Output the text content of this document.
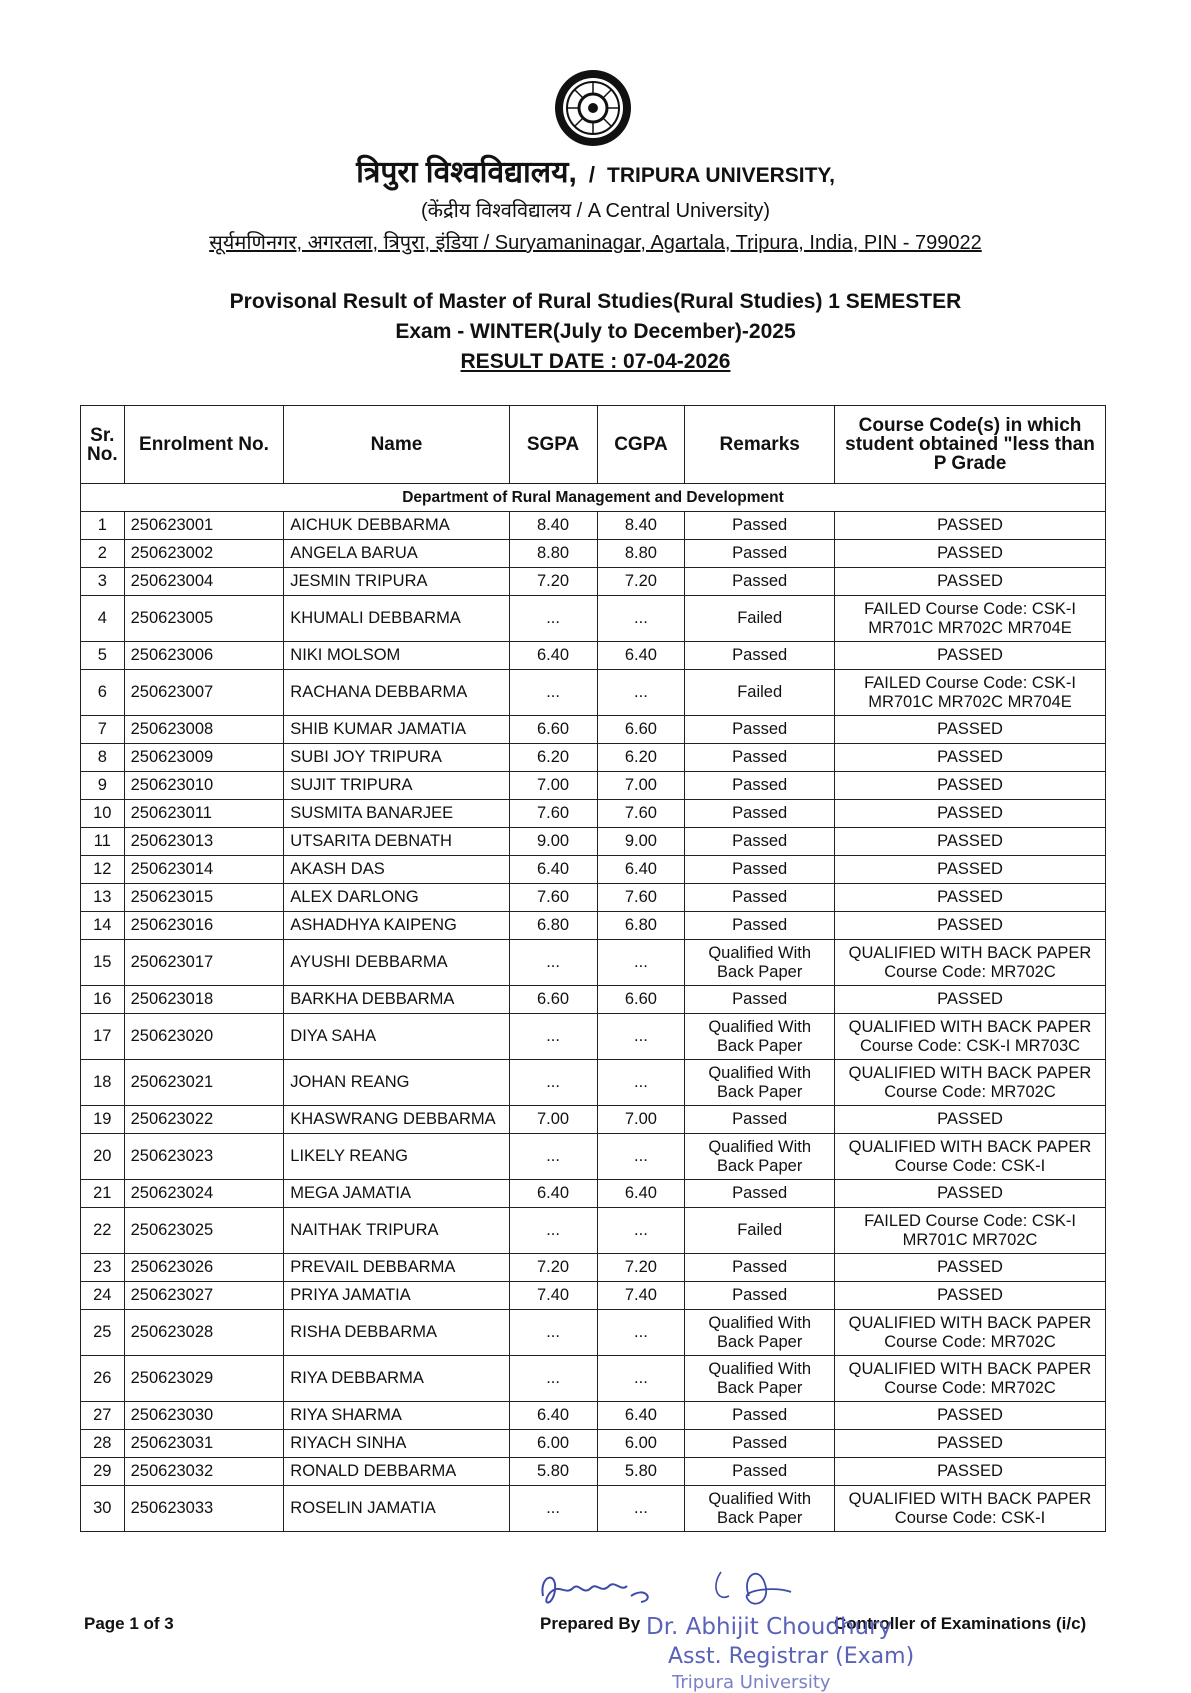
त्रिपुरा विश्वविद्यालय, / TRIPURA UNIVERSITY,
(केंद्रीय विश्वविद्यालय / A Central University)
सूर्यमणिनगर, अगरतला, त्रिपुरा, इंडिया / Suryamaninagar, Agartala, Tripura, India, PIN - 799022
Provisonal Result of Master of Rural Studies(Rural Studies) 1 SEMESTER
Exam - WINTER(July to December)-2025
RESULT DATE : 07-04-2026
Sr. No.	Enrolment No.	Name	SGPA	CGPA	Remarks	Course Code(s) in which student obtained "less than P Grade
Department of Rural Management and Development						
1	250623001	AICHUK DEBBARMA	8.40	8.40	Passed	PASSED
2	250623002	ANGELA BARUA	8.80	8.80	Passed	PASSED
3	250623004	JESMIN TRIPURA	7.20	7.20	Passed	PASSED
4	250623005	KHUMALI DEBBARMA	...	...	Failed	FAILED Course Code: CSK-I MR701C MR702C MR704E
5	250623006	NIKI MOLSOM	6.40	6.40	Passed	PASSED
6	250623007	RACHANA DEBBARMA	...	...	Failed	FAILED Course Code: CSK-I MR701C MR702C MR704E
7	250623008	SHIB KUMAR JAMATIA	6.60	6.60	Passed	PASSED
8	250623009	SUBI JOY TRIPURA	6.20	6.20	Passed	PASSED
9	250623010	SUJIT TRIPURA	7.00	7.00	Passed	PASSED
10	250623011	SUSMITA BANARJEE	7.60	7.60	Passed	PASSED
11	250623013	UTSARITA DEBNATH	9.00	9.00	Passed	PASSED
12	250623014	AKASH DAS	6.40	6.40	Passed	PASSED
13	250623015	ALEX DARLONG	7.60	7.60	Passed	PASSED
14	250623016	ASHADHYA KAIPENG	6.80	6.80	Passed	PASSED
15	250623017	AYUSHI DEBBARMA	...	...	Qualified With Back Paper	QUALIFIED WITH BACK PAPER Course Code: MR702C
16	250623018	BARKHA DEBBARMA	6.60	6.60	Passed	PASSED
17	250623020	DIYA SAHA	...	...	Qualified With Back Paper	QUALIFIED WITH BACK PAPER Course Code: CSK-I MR703C
18	250623021	JOHAN REANG	...	...	Qualified With Back Paper	QUALIFIED WITH BACK PAPER Course Code: MR702C
19	250623022	KHASWRANG DEBBARMA	7.00	7.00	Passed	PASSED
20	250623023	LIKELY REANG	...	...	Qualified With Back Paper	QUALIFIED WITH BACK PAPER Course Code: CSK-I
21	250623024	MEGA JAMATIA	6.40	6.40	Passed	PASSED
22	250623025	NAITHAK TRIPURA	...	...	Failed	FAILED Course Code: CSK-I MR701C MR702C
23	250623026	PREVAIL DEBBARMA	7.20	7.20	Passed	PASSED
24	250623027	PRIYA JAMATIA	7.40	7.40	Passed	PASSED
25	250623028	RISHA DEBBARMA	...	...	Qualified With Back Paper	QUALIFIED WITH BACK PAPER Course Code: MR702C
26	250623029	RIYA DEBBARMA	...	...	Qualified With Back Paper	QUALIFIED WITH BACK PAPER Course Code: MR702C
27	250623030	RIYA SHARMA	6.40	6.40	Passed	PASSED
28	250623031	RIYACH SINHA	6.00	6.00	Passed	PASSED
29	250623032	RONALD DEBBARMA	5.80	5.80	Passed	PASSED
30	250623033	ROSELIN JAMATIA	...	...	Qualified With Back Paper	QUALIFIED WITH BACK PAPER Course Code: CSK-I
Page 1 of 3	Prepared By	Controller of Examinations (i/c)
Dr. Abhijit Choudhury
Asst. Registrar (Exam)
Tripura University
